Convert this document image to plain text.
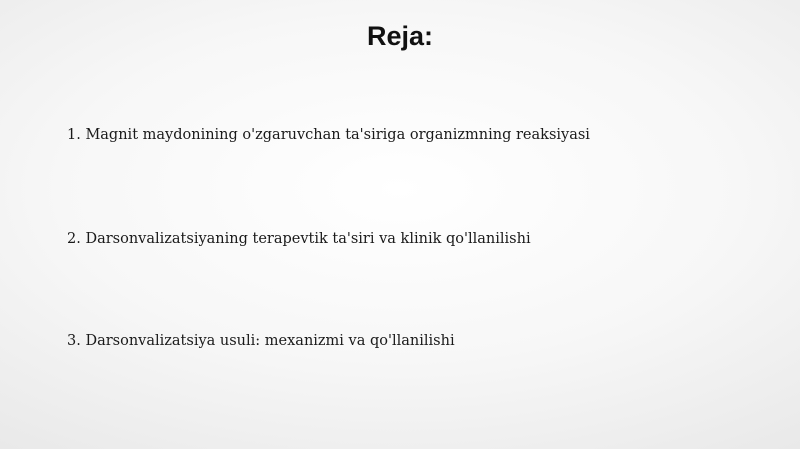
Reja:
1. Magnit maydonining o'zgaruvchan ta'siriga organizmning reaksiyasi
2. Darsonvalizatsiyaning terapevtik ta'siri va klinik qo'llanilishi
3. Darsonvalizatsiya usuli: mexanizmi va qo'llanilishi
